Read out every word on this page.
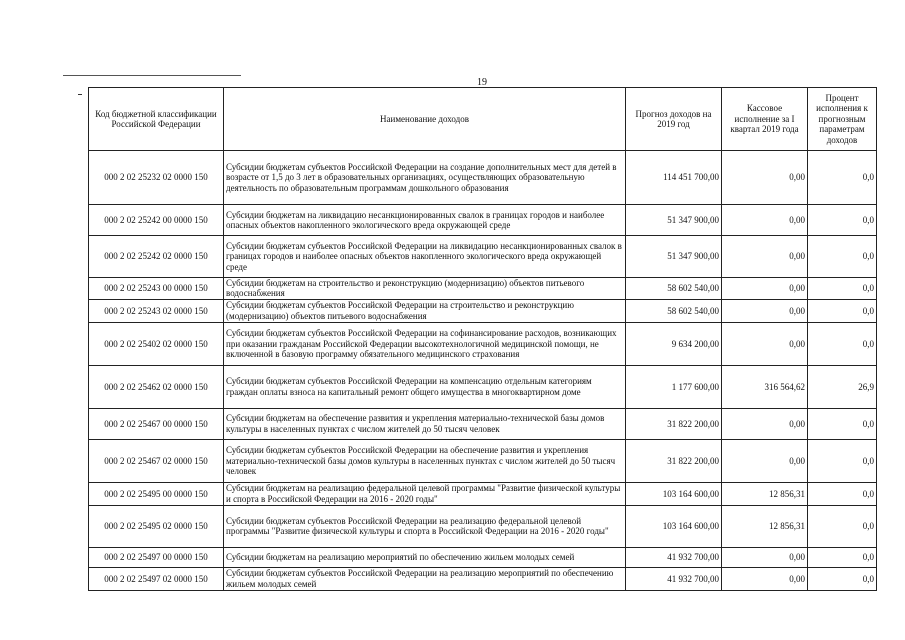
19
Код бюджетной классификации Российской Федерации	Наименование доходов	Прогноз доходов на 2019 год	Кассовое исполнение за I квартал 2019 года	Процент исполнения к прогнозным параметрам доходов
000 2 02 25232 02 0000 150	Субсидии бюджетам субъектов Российской Федерации на создание дополнительных мест для детей в возрасте от 1,5 до 3 лет в образовательных организациях, осуществляющих образовательную деятельность по образовательным программам дошкольного образования	114 451 700,00	0,00	0,0
000 2 02 25242 00 0000 150	Субсидии бюджетам на ликвидацию несанкционированных свалок в границах городов и наиболее опасных объектов накопленного экологического вреда окружающей среде	51 347 900,00	0,00	0,0
000 2 02 25242 02 0000 150	Субсидии бюджетам субъектов Российской Федерации на ликвидацию несанкционированных свалок в границах городов и наиболее опасных объектов накопленного экологического вреда окружающей среде	51 347 900,00	0,00	0,0
000 2 02 25243 00 0000 150	Субсидии бюджетам на строительство и реконструкцию (модернизацию) объектов питьевого водоснабжения	58 602 540,00	0,00	0,0
000 2 02 25243 02 0000 150	Субсидии бюджетам субъектов Российской Федерации на строительство и реконструкцию (модернизацию) объектов питьевого водоснабжения	58 602 540,00	0,00	0,0
000 2 02 25402 02 0000 150	Субсидии бюджетам субъектов Российской Федерации на софинансирование расходов, возникающих при оказании гражданам Российской Федерации высокотехнологичной медицинской помощи, не включенной в базовую программу обязательного медицинского страхования	9 634 200,00	0,00	0,0
000 2 02 25462 02 0000 150	Субсидии бюджетам субъектов Российской Федерации на компенсацию отдельным категориям граждан оплаты взноса на капитальный ремонт общего имущества в многоквартирном доме	1 177 600,00	316 564,62	26,9
000 2 02 25467 00 0000 150	Субсидии бюджетам на обеспечение развития и укрепления материально-технической базы домов культуры в населенных пунктах с числом жителей до 50 тысяч человек	31 822 200,00	0,00	0,0
000 2 02 25467 02 0000 150	Субсидии бюджетам субъектов Российской Федерации на обеспечение развития и укрепления материально-технической базы домов культуры в населенных пунктах с числом жителей до 50 тысяч человек	31 822 200,00	0,00	0,0
000 2 02 25495 00 0000 150	Субсидии бюджетам на реализацию федеральной целевой программы "Развитие физической культуры и спорта в Российской Федерации на 2016 - 2020 годы"	103 164 600,00	12 856,31	0,0
000 2 02 25495 02 0000 150	Субсидии бюджетам субъектов Российской Федерации на реализацию федеральной целевой программы "Развитие физической культуры и спорта в Российской Федерации на 2016 - 2020 годы"	103 164 600,00	12 856,31	0,0
000 2 02 25497 00 0000 150	Субсидии бюджетам на реализацию мероприятий по обеспечению жильем молодых семей	41 932 700,00	0,00	0,0
000 2 02 25497 02 0000 150	Субсидии бюджетам субъектов Российской Федерации на реализацию мероприятий по обеспечению жильем молодых семей	41 932 700,00	0,00	0,0
